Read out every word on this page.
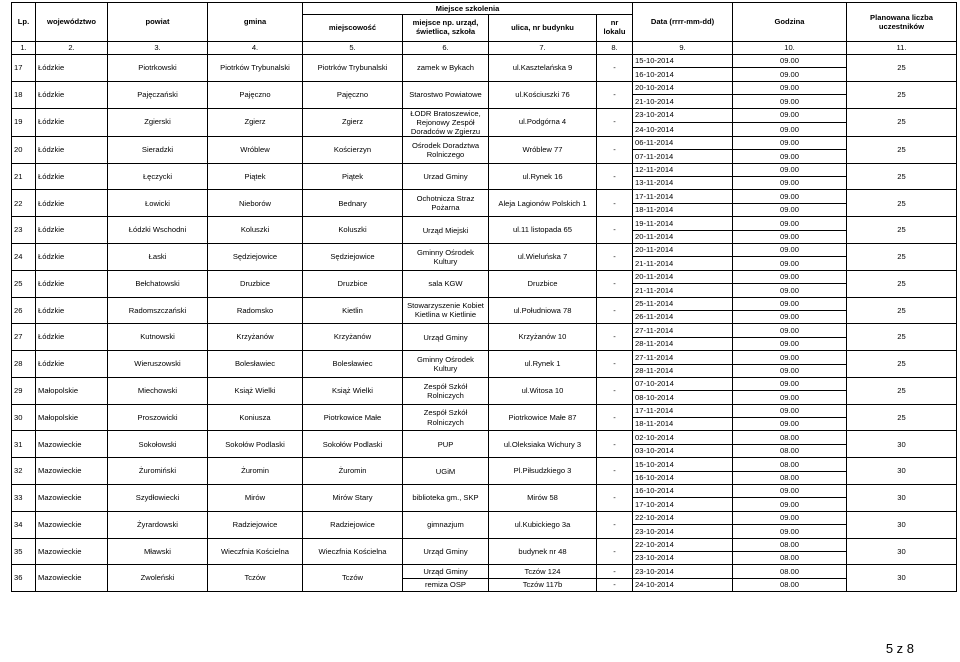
Lp.	województwo	powiat	gmina	Miejsce szkolenia				Data (rrrr-mm-dd)	Godzina	Planowana liczba uczestników
				miejscowość	miejsce np. urząd, świetlica, szkoła	ulica, nr budynku	nr lokalu			
1.	2.	3.	4.	5.	6.	7.	8.	9.	10.	11.
17	Łódzkie	Piotrkowski	Piotrków Trybunalski	Piotrków Trybunalski	zamek w Bykach	ul.Kasztelańska 9	-	15-10-2014	09.00	25
								16-10-2014	09.00	
18	Łódzkie	Pajęczański	Pajęczno	Pajęczno	Starostwo Powiatowe	ul.Kościuszki 76	-	20-10-2014	09.00	25
								21-10-2014	09.00	
19	Łódzkie	Zgierski	Zgierz	Zgierz	ŁODR Bratoszewice, Rejonowy Zespół Doradców w Zgierzu	ul.Podgórna 4	-	23-10-2014	09.00	25
								24-10-2014	09.00	
20	Łódzkie	Sieradzki	Wróblew	Kościerzyn	Ośrodek Doradztwa Rolniczego	Wróblew 77	-	06-11-2014	09.00	25
								07-11-2014	09.00	
21	Łódzkie	Łęczycki	Piątek	Piątek	Urzad Gminy	ul.Rynek 16	-	12-11-2014	09.00	25
								13-11-2014	09.00	
22	Łódzkie	Łowicki	Nieborów	Bednary	Ochotnicza Straz Pożarna	Aleja Lagionów Polskich 1	-	17-11-2014	09.00	25
								18-11-2014	09.00	
23	Łódzkie	Łódzki Wschodni	Koluszki	Koluszki	Urząd Miejski	ul.11 listopada 65	-	19-11-2014	09.00	25
								20-11-2014	09.00	
24	Łódzkie	Łaski	Sędziejowice	Sędziejowice	Gminny Ośrodek Kultury	ul.Wieluńska 7	-	20-11-2014	09.00	25
								21-11-2014	09.00	
25	Łódzkie	Bełchatowski	Druzbice	Druzbice	sala KGW	Druzbice	-	20-11-2014	09.00	25
								21-11-2014	09.00	
26	Łódzkie	Radomszczański	Radomsko	Kietlin	Stowarzyszenie Kobiet Kietlina w Kietlinie	ul.Południowa 78	-	25-11-2014	09.00	25
								26-11-2014	09.00	
27	Łódzkie	Kutnowski	Krzyżanów	Krzyżanów	Urząd Gminy	Krzyżanów 10	-	27-11-2014	09.00	25
								28-11-2014	09.00	
28	Łódzkie	Wieruszowski	Bolesławiec	Bolesławiec	Gminny Ośrodek Kultury	ul.Rynek 1	-	27-11-2014	09.00	25
								28-11-2014	09.00	
29	Małopolskie	Miechowski	Książ Wielki	Książ Wielki	Zespół Szkół Rolniczych	ul.Witosa 10	-	07-10-2014	09.00	25
								08-10-2014	09.00	
30	Małopolskie	Proszowicki	Koniusza	Piotrkowice Małe	Zespół Szkół Rolniczych	Piotrkowice Małe 87	-	17-11-2014	09.00	25
								18-11-2014	09.00	
31	Mazowieckie	Sokołowski	Sokołów Podlaski	Sokołów Podlaski	PUP	ul.Oleksiaka Wichury 3	-	02-10-2014	08.00	30
								03-10-2014	08.00	
32	Mazowieckie	Żuromiński	Żuromin	Żuromin	UGiM	Pl.Piłsudzkiego 3	-	15-10-2014	08.00	30
								16-10-2014	08.00	
33	Mazowieckie	Szydłowiecki	Mirów	Mirów Stary	biblioteka gm., SKP	Mirów 58	-	16-10-2014	09.00	30
								17-10-2014	09.00	
34	Mazowieckie	Żyrardowski	Radziejowice	Radziejowice	gimnazjum	ul.Kubickiego 3a	-	22-10-2014	09.00	30
								23-10-2014	09.00	
35	Mazowieckie	Mławski	Wieczfnia Kościelna	Wieczfnia Kościelna	Urząd Gminy	budynek nr 48	-	22-10-2014	08.00	30
								23-10-2014	08.00	
36	Mazowieckie	Zwoleński	Tczów	Tczów	Urząd Gminy	Tczów 124	-	23-10-2014	08.00	30
					remiza OSP	Tczów 117b	-	24-10-2014	08.00	
5 z 8
